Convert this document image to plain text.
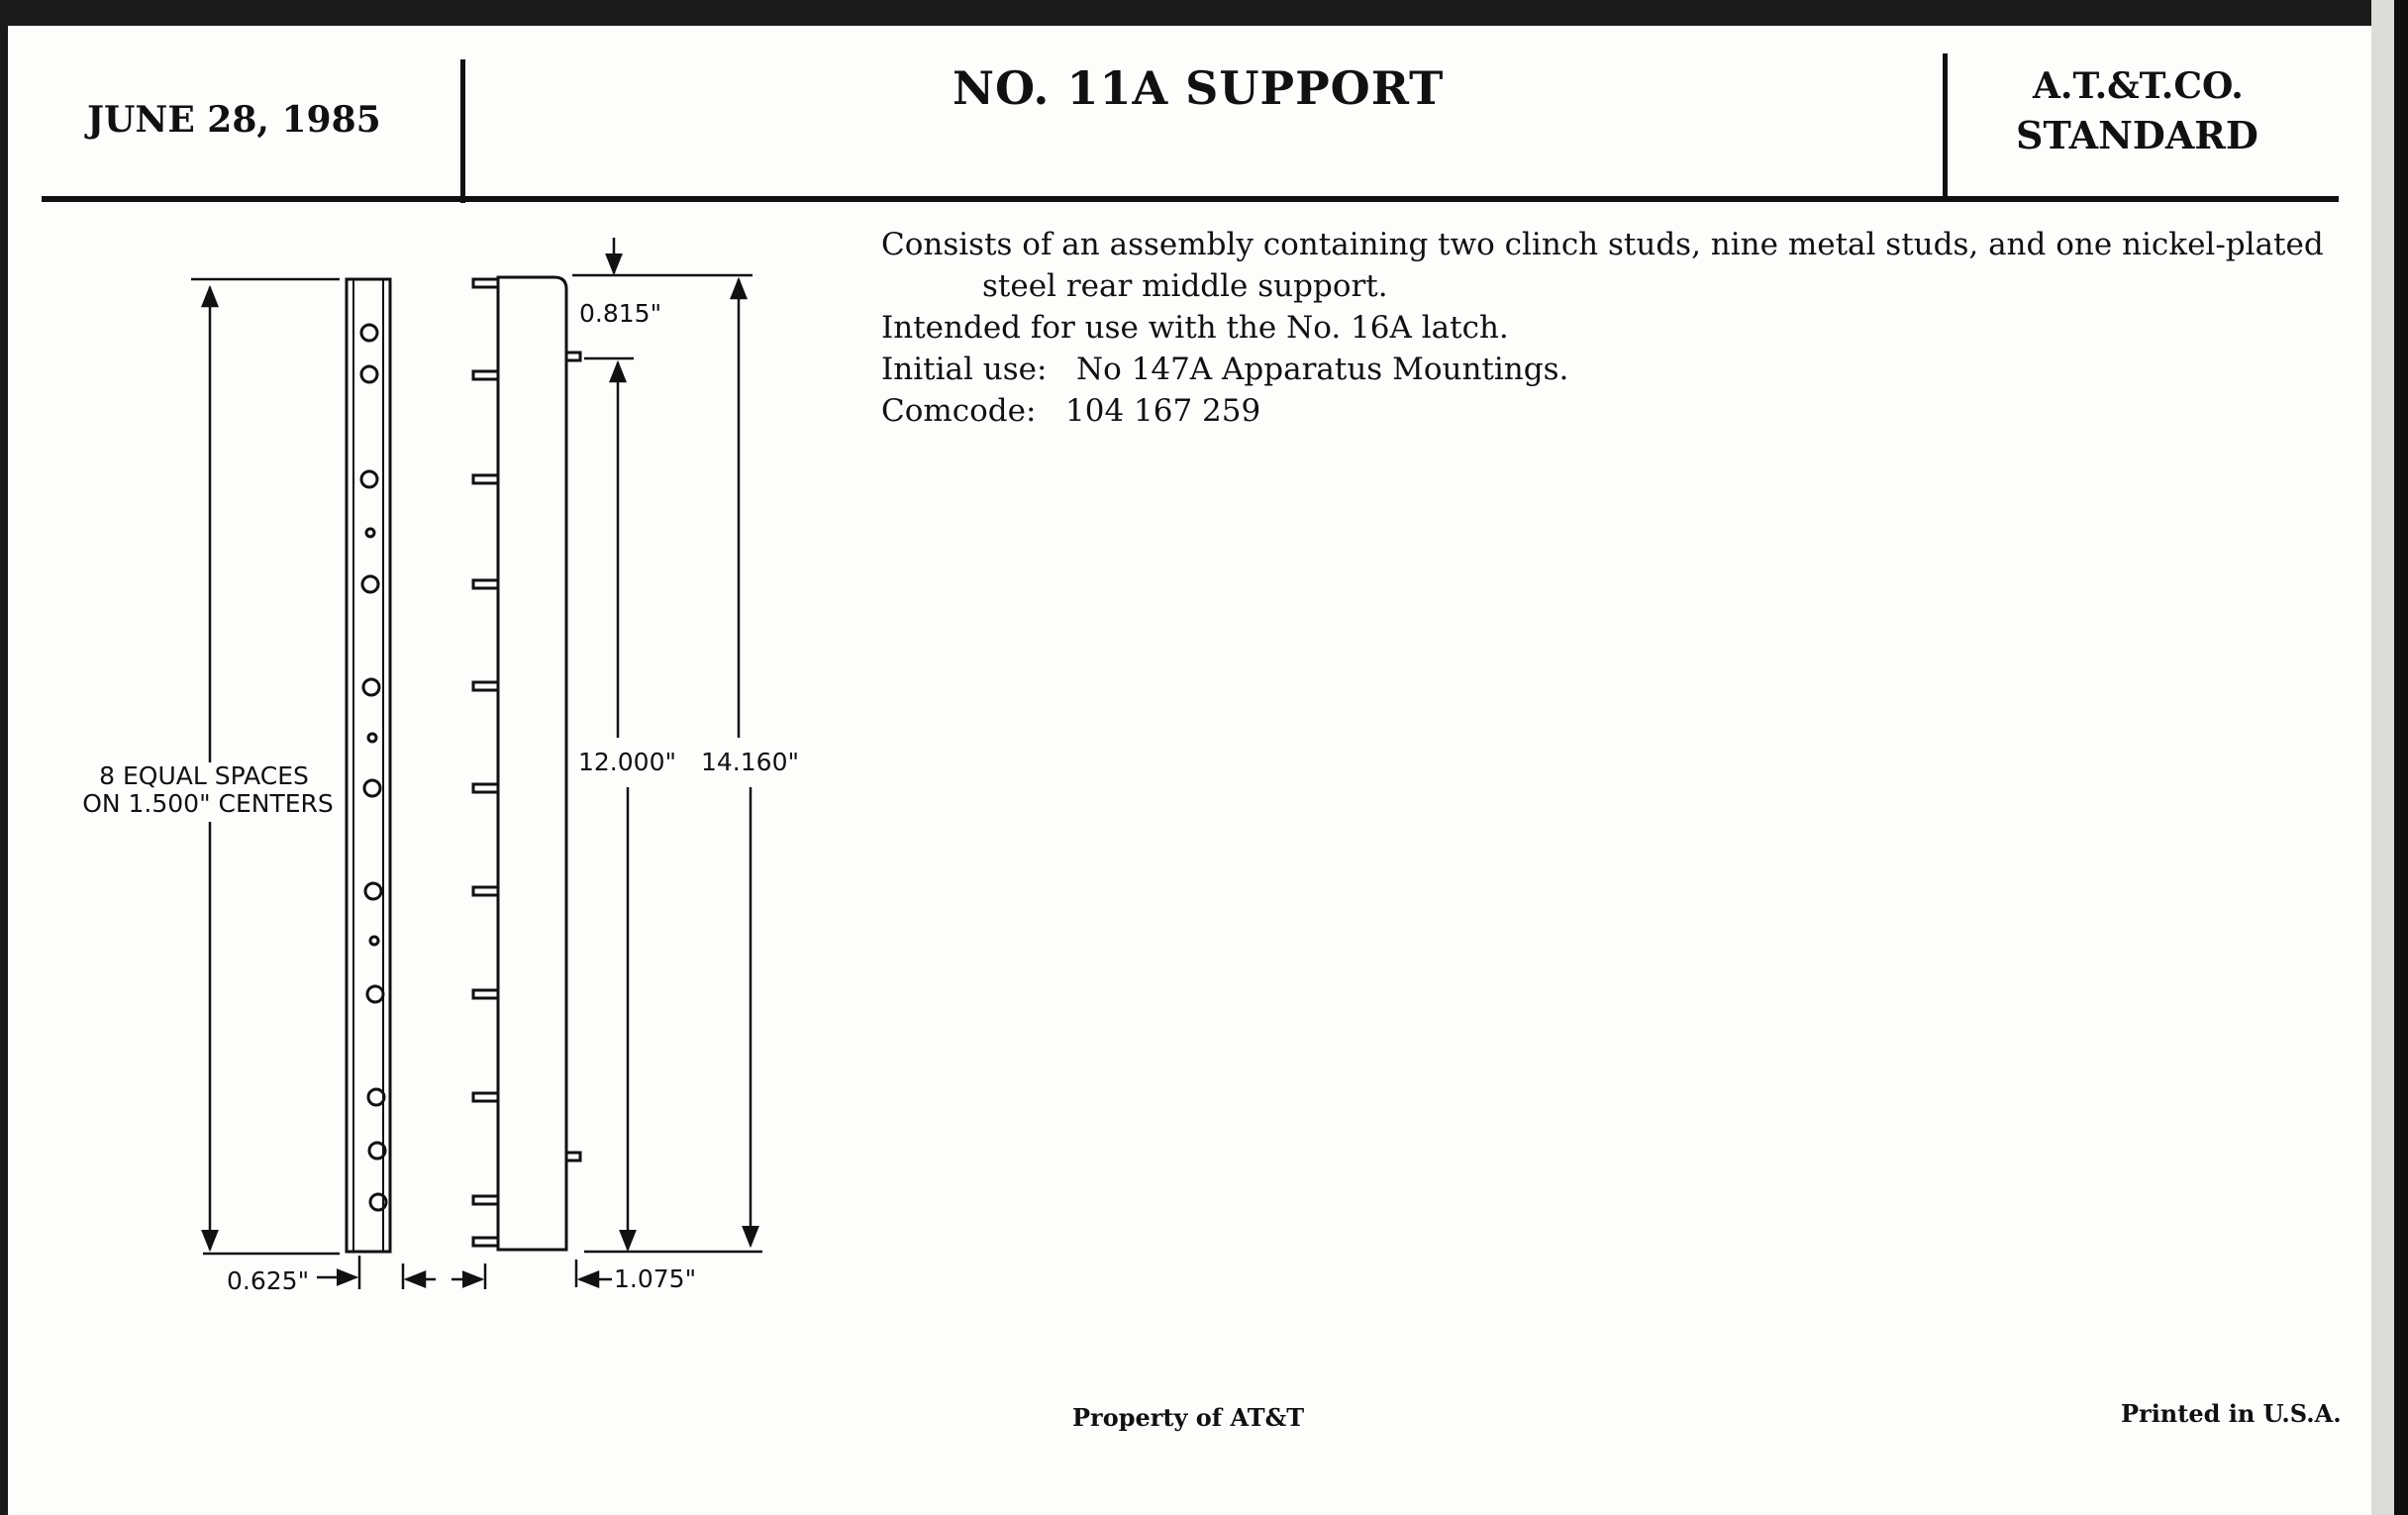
JUNE 28, 1985
NO. 11A SUPPORT	A.T.&T.CO.
STANDARD
Consists of an assembly containing two clinch studs, nine metal studs, and one nickel-plated
steel rear middle support.
Intended for use with the No. 16A latch.
Initial use:   No 147A Apparatus Mountings.
Comcode:   104 167 259
8 EQUAL SPACES
ON 1.500" CENTERS
0.815"
12.000" 14.160"
0.625"	1.075"
Property of AT&T	Printed in U.S.A.
